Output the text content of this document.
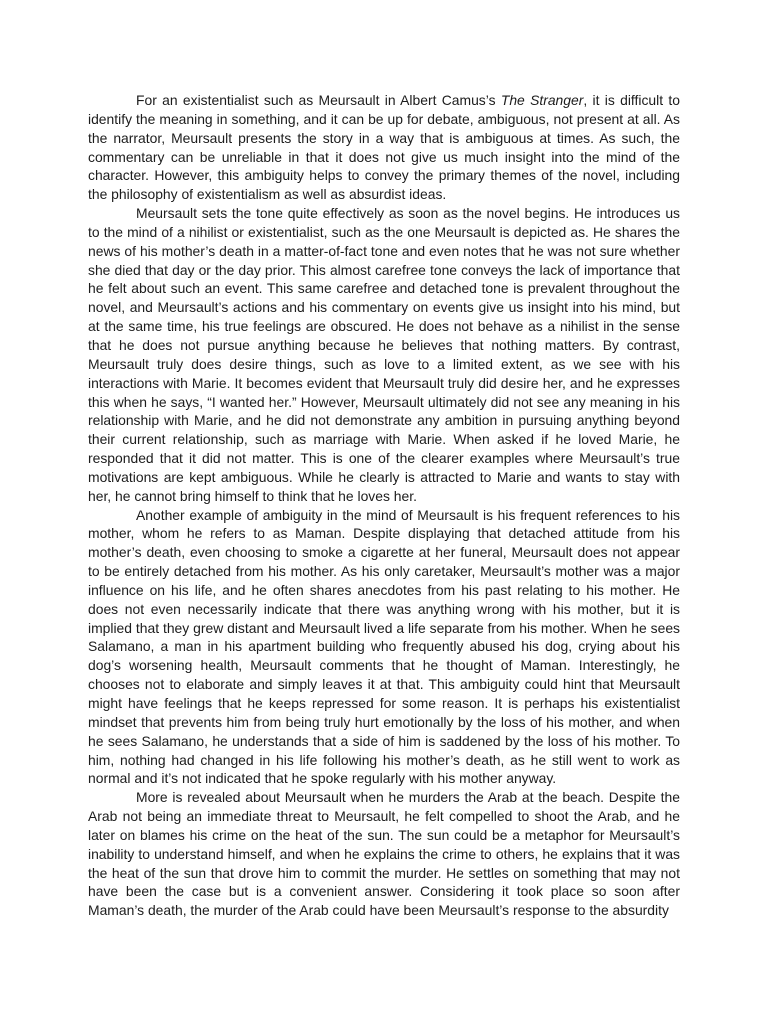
For an existentialist such as Meursault in Albert Camus’s The Stranger, it is difficult to identify the meaning in something, and it can be up for debate, ambiguous, not present at all. As the narrator, Meursault presents the story in a way that is ambiguous at times. As such, the commentary can be unreliable in that it does not give us much insight into the mind of the character. However, this ambiguity helps to convey the primary themes of the novel, including the philosophy of existentialism as well as absurdist ideas.

Meursault sets the tone quite effectively as soon as the novel begins. He introduces us to the mind of a nihilist or existentialist, such as the one Meursault is depicted as. He shares the news of his mother’s death in a matter-of-fact tone and even notes that he was not sure whether she died that day or the day prior. This almost carefree tone conveys the lack of importance that he felt about such an event. This same carefree and detached tone is prevalent throughout the novel, and Meursault’s actions and his commentary on events give us insight into his mind, but at the same time, his true feelings are obscured. He does not behave as a nihilist in the sense that he does not pursue anything because he believes that nothing matters. By contrast, Meursault truly does desire things, such as love to a limited extent, as we see with his interactions with Marie. It becomes evident that Meursault truly did desire her, and he expresses this when he says, “I wanted her.” However, Meursault ultimately did not see any meaning in his relationship with Marie, and he did not demonstrate any ambition in pursuing anything beyond their current relationship, such as marriage with Marie. When asked if he loved Marie, he responded that it did not matter. This is one of the clearer examples where Meursault’s true motivations are kept ambiguous. While he clearly is attracted to Marie and wants to stay with her, he cannot bring himself to think that he loves her.

Another example of ambiguity in the mind of Meursault is his frequent references to his mother, whom he refers to as Maman. Despite displaying that detached attitude from his mother’s death, even choosing to smoke a cigarette at her funeral, Meursault does not appear to be entirely detached from his mother. As his only caretaker, Meursault’s mother was a major influence on his life, and he often shares anecdotes from his past relating to his mother. He does not even necessarily indicate that there was anything wrong with his mother, but it is implied that they grew distant and Meursault lived a life separate from his mother. When he sees Salamano, a man in his apartment building who frequently abused his dog, crying about his dog’s worsening health, Meursault comments that he thought of Maman. Interestingly, he chooses not to elaborate and simply leaves it at that. This ambiguity could hint that Meursault might have feelings that he keeps repressed for some reason. It is perhaps his existentialist mindset that prevents him from being truly hurt emotionally by the loss of his mother, and when he sees Salamano, he understands that a side of him is saddened by the loss of his mother. To him, nothing had changed in his life following his mother’s death, as he still went to work as normal and it’s not indicated that he spoke regularly with his mother anyway.

More is revealed about Meursault when he murders the Arab at the beach. Despite the Arab not being an immediate threat to Meursault, he felt compelled to shoot the Arab, and he later on blames his crime on the heat of the sun. The sun could be a metaphor for Meursault’s inability to understand himself, and when he explains the crime to others, he explains that it was the heat of the sun that drove him to commit the murder. He settles on something that may not have been the case but is a convenient answer. Considering it took place so soon after Maman’s death, the murder of the Arab could have been Meursault’s response to the absurdity
